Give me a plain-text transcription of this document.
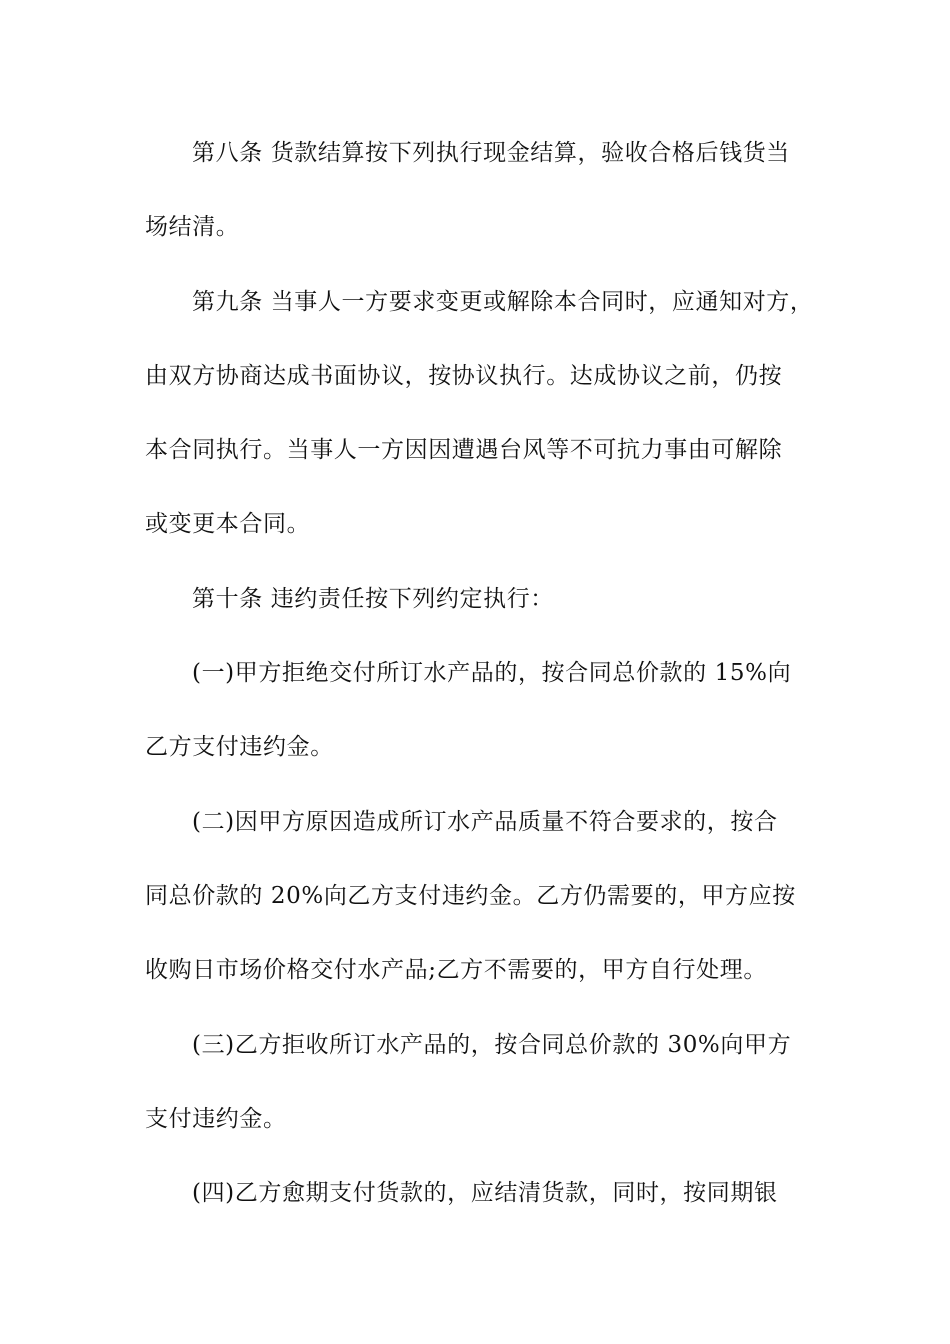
第八条 货款结算按下列执行现金结算，验收合格后钱货当
场结清。
第九条 当事人一方要求变更或解除本合同时，应通知对方，
由双方协商达成书面协议，按协议执行。达成协议之前，仍按
本合同执行。当事人一方因因遭遇台风等不可抗力事由可解除
或变更本合同。
第十条 违约责任按下列约定执行：
(一)甲方拒绝交付所订水产品的，按合同总价款的 15%向
乙方支付违约金。
(二)因甲方原因造成所订水产品质量不符合要求的，按合
同总价款的 20%向乙方支付违约金。乙方仍需要的，甲方应按
收购日市场价格交付水产品;乙方不需要的，甲方自行处理。
(三)乙方拒收所订水产品的，按合同总价款的 30%向甲方
支付违约金。
(四)乙方愈期支付货款的，应结清货款，同时，按同期银
